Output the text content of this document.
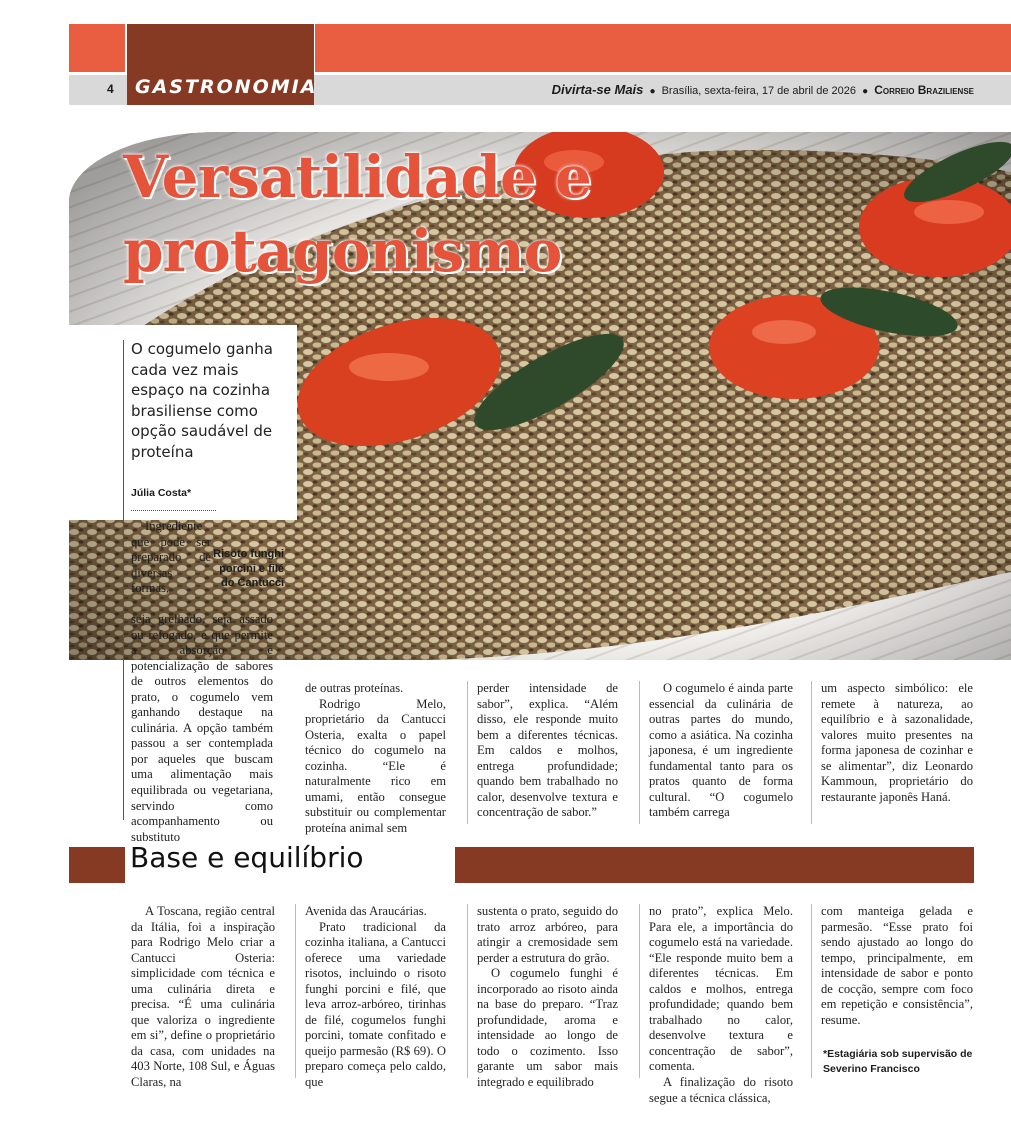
4 GASTRONOMIA	Divirta-se Mais ● Brasília, sexta-feira, 17 de abril de 2026 ● Correio Braziliense
Versatilidade e protagonismo

O cogumelo ganha cada vez mais espaço na cozinha brasiliense como opção saudável de proteína

Júlia Costa*
Risoto funghi porcini e filé do Cantucci

Ingrediente que pode ser preparado de diversas formas,

seja grelhado, seja assado ou refogado, e que permite a absorção e potencialização de sabores de outros elementos do prato, o cogumelo vem ganhando destaque na culinária. A opção também passou a ser contemplada por aqueles que buscam uma alimentação mais equilibrada ou vegetariana, servindo como acompanhamento ou substituto

de outras proteínas.

Rodrigo Melo, proprietário da Cantucci Osteria, exalta o papel técnico do cogumelo na cozinha. “Ele é naturalmente rico em umami, então consegue substituir ou complementar proteína animal sem

perder intensidade de sabor”, explica. “Além disso, ele responde muito bem a diferentes técnicas. Em caldos e molhos, entrega profundidade; quando bem trabalhado no calor, desenvolve textura e concentração de sabor.”

O cogumelo é ainda parte essencial da culinária de outras partes do mundo, como a asiática. Na cozinha japonesa, é um ingrediente fundamental tanto para os pratos quanto de forma cultural. “O cogumelo também carrega

um aspecto simbólico: ele remete à natureza, ao equilíbrio e à sazonalidade, valores muito presentes na forma japonesa de cozinhar e se alimentar”, diz Leonardo Kammoun, proprietário do restaurante japonês Haná.

Base e equilíbrio

A Toscana, região central da Itália, foi a inspiração para Rodrigo Melo criar a Cantucci Osteria: simplicidade com técnica e uma culinária direta e precisa. “É uma culinária que valoriza o ingrediente em si”, define o proprietário da casa, com unidades na 403 Norte, 108 Sul, e Águas Claras, na

Avenida das Araucárias.

Prato tradicional da cozinha italiana, a Cantucci oferece uma variedade risotos, incluindo o risoto funghi porcini e filé, que leva arroz-arbóreo, tirinhas de filé, cogumelos funghi porcini, tomate confitado e queijo parmesão (R$ 69). O preparo começa pelo caldo, que

sustenta o prato, seguido do trato arroz arbóreo, para atingir a cremosidade sem perder a estrutura do grão.

O cogumelo funghi é incorporado ao risoto ainda na base do preparo. “Traz profundidade, aroma e intensidade ao longo de todo o cozimento. Isso garante um sabor mais integrado e equilibrado

no prato”, explica Melo. Para ele, a importância do cogumelo está na variedade. “Ele responde muito bem a diferentes técnicas. Em caldos e molhos, entrega profundidade; quando bem trabalhado no calor, desenvolve textura e concentração de sabor”, comenta.

A finalização do risoto segue a técnica clássica,

com manteiga gelada e parmesão. “Esse prato foi sendo ajustado ao longo do tempo, principalmente, em intensidade de sabor e ponto de cocção, sempre com foco em repetição e consistência”, resume.

*Estagiária sob supervisão de Severino Francisco
